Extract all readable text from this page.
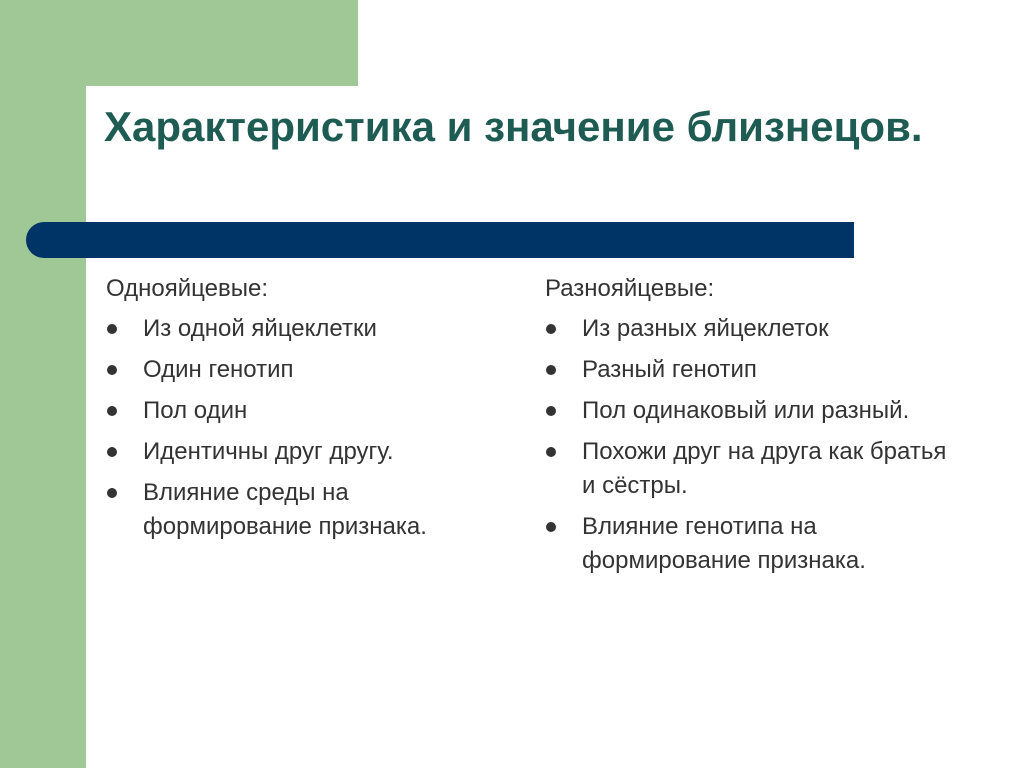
Характеристика и значение близнецов.

Однояйцевые:

Из одной яйцеклетки
Один генотип
Пол один
Идентичны друг другу.
Влияние среды на формирование признака.

Разнояйцевые:

Из разных яйцеклеток
Разный генотип
Пол одинаковый или разный.
Похожи друг на друга как братья и сёстры.
Влияние генотипа на формирование признака.
